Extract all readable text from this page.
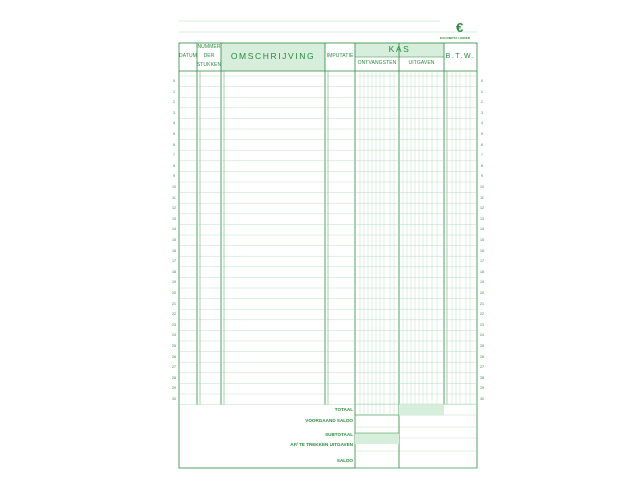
€
EXCOMPTA LINDER
DATUM
NUMMER
DER
STUKKEN
OMSCHRIJVING	IMPUTATIE
KAS
ONTVANGSTEN	UITGAVEN
B.T.W.
0
1
2
3
4
5
6
7
8
9
10
11
12
13
14
15
16
17
18
19
20
21
22
23
24
25
26
27
28
29
30
0
1
2
3
4
5
6
7
8
9
10
11
12
13
14
15
16
17
18
19
20
21
22
23
24
25
26
27
28
29
30
TOTAAL
VOORGAAND SALDO
SUBTOTAAL
AF/ TE TREKKEN UITGAVEN
SALDO
